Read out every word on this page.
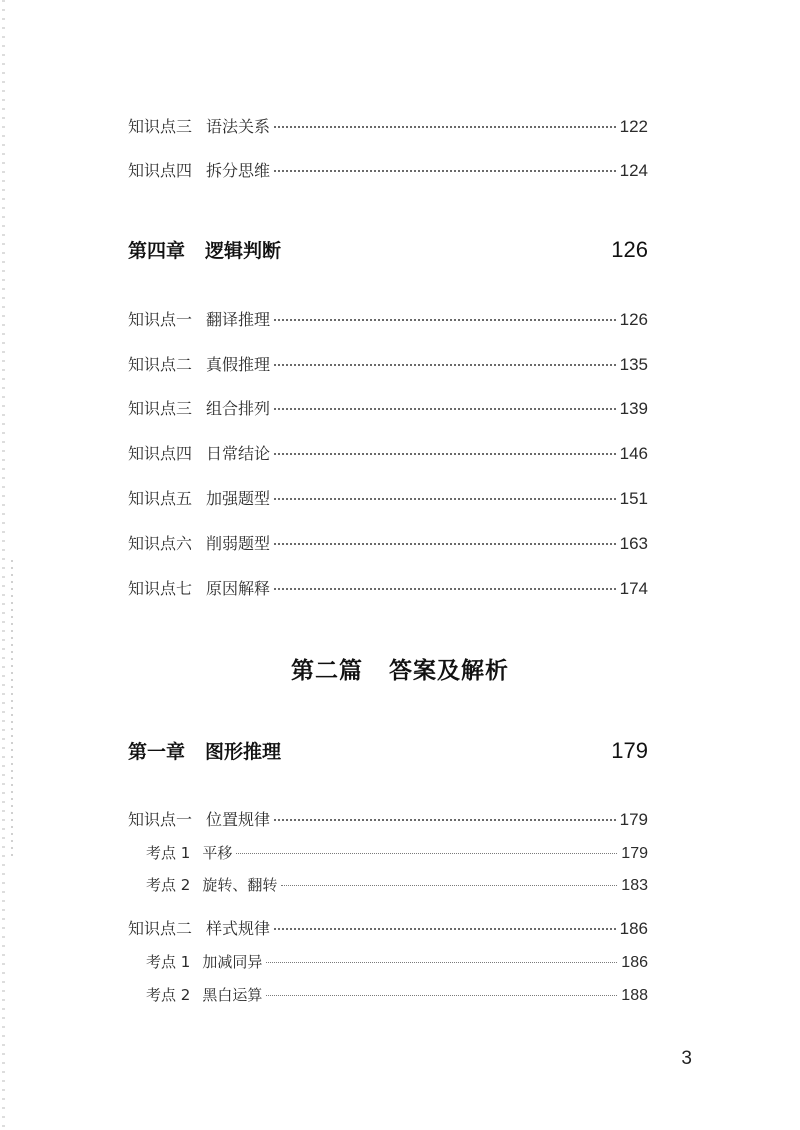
知识点三 语法关系	122
知识点四 拆分思维	124
第四章 逻辑判断	126
知识点一 翻译推理	126
知识点二 真假推理	135
知识点三 组合排列	139
知识点四 日常结论	146
知识点五 加强题型	151
知识点六 削弱题型	163
知识点七 原因解释	174
第二篇 答案及解析
第一章 图形推理	179
知识点一 位置规律	179
考点 1 平移	179
考点 2 旋转、翻转	183
知识点二 样式规律	186
考点 1 加减同异	186
考点 2 黑白运算	188
3
